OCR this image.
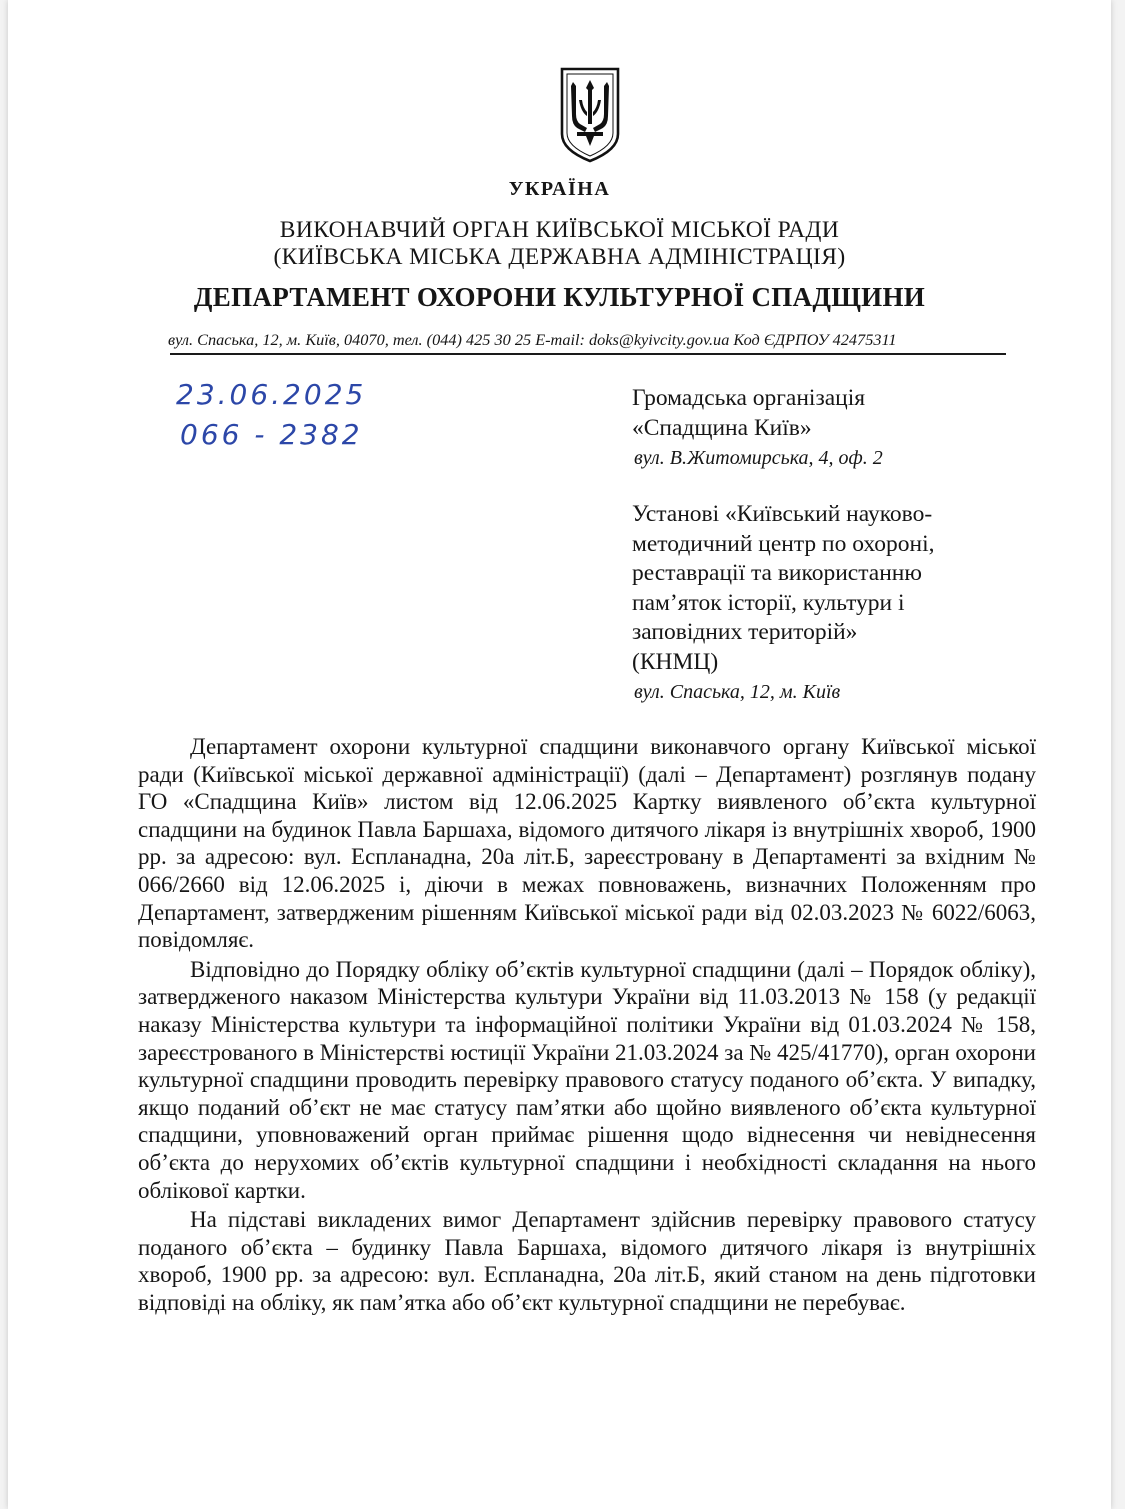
УКРАЇНА
ВИКОНАВЧИЙ ОРГАН КИЇВСЬКОЇ МІСЬКОЇ РАДИ
(КИЇВСЬКА МІСЬКА ДЕРЖАВНА АДМІНІСТРАЦІЯ)
ДЕПАРТАМЕНТ ОХОРОНИ КУЛЬТУРНОЇ СПАДЩИНИ
вул. Спаська, 12, м. Київ, 04070, тел. (044) 425 30 25 E-mail: doks@kyivcity.gov.ua Код ЄДРПОУ 42475311
23.06.2025
066 - 2382
Громадська організація
«Спадщина Київ»
вул. В.Житомирська, 4, оф. 2
Установі «Київський науково-
методичний центр по охороні,
реставрації та використанню
пам’яток історії, культури і
заповідних територій»
(КНМЦ)
вул. Спаська, 12, м. Київ

Департамент охорони культурної спадщини виконавчого органу Київської міської ради (Київської міської державної адміністрації) (далі – Департамент) розглянув подану ГО «Спадщина Київ» листом від 12.06.2025 Картку виявленого об’єкта культурної спадщини на будинок Павла Баршаха, відомого дитячого лікаря із внутрішніх хвороб, 1900 рр. за адресою: вул. Еспланадна, 20а літ.Б, зареєстровану в Департаменті за вхідним № 066/2660 від 12.06.2025 і, діючи в межах повноважень, визначних Положенням про Департамент, затвердженим рішенням Київської міської ради від 02.03.2023 № 6022/6063, повідомляє.

Відповідно до Порядку обліку об’єктів культурної спадщини (далі – Порядок обліку), затвердженого наказом Міністерства культури України від 11.03.2013 № 158 (у редакції наказу Міністерства культури та інформаційної політики України від 01.03.2024 № 158, зареєстрованого в Міністерстві юстиції України 21.03.2024 за № 425/41770), орган охорони культурної спадщини проводить перевірку правового статусу поданого об’єкта. У випадку, якщо поданий об’єкт не має статусу пам’ятки або щойно виявленого об’єкта культурної спадщини, уповноважений орган приймає рішення щодо віднесення чи невіднесення об’єкта до нерухомих об’єктів культурної спадщини і необхідності складання на нього облікової картки.

На підставі викладених вимог Департамент здійснив перевірку правового статусу поданого об’єкта – будинку Павла Баршаха, відомого дитячого лікаря із внутрішніх хвороб, 1900 рр. за адресою: вул. Еспланадна, 20а літ.Б, який станом на день підготовки відповіді на обліку, як пам’ятка або об’єкт культурної спадщини не перебуває.
